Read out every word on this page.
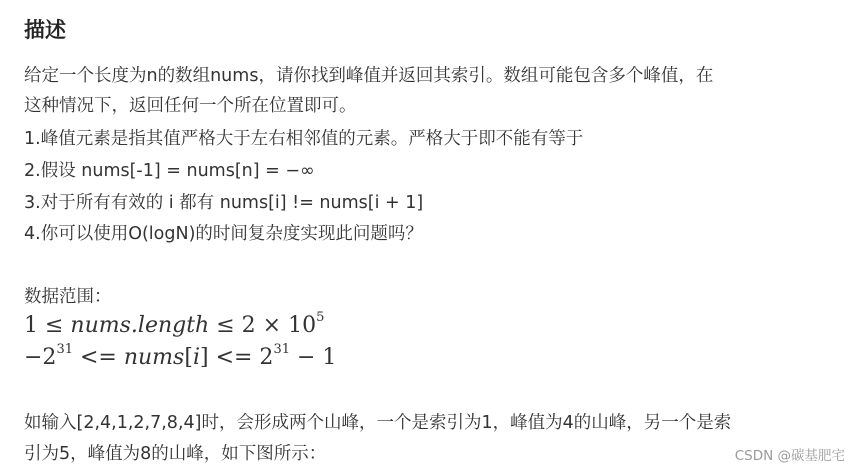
描述

给定一个长度为n的数组nums，请你找到峰值并返回其索引。数组可能包含多个峰值，在

这种情况下，返回任何一个所在位置即可。

1.峰值元素是指其值严格大于左右相邻值的元素。严格大于即不能有等于

2.假设 nums[-1] = nums[n] = −∞

3.对于所有有效的 i 都有 nums[i] != nums[i + 1]

4.你可以使用O(logN)的时间复杂度实现此问题吗？

数据范围：

1 ≤ nums.length ≤ $2 \times 10^5$
$-2^{31}$ <= nums[i] <= $2^{31} - 1$

如输入[2,4,1,2,7,8,4]时，会形成两个山峰，一个是索引为1，峰值为4的山峰，另一个是索

引为5，峰值为8的山峰，如下图所示：	CSDN @碳基肥宅
